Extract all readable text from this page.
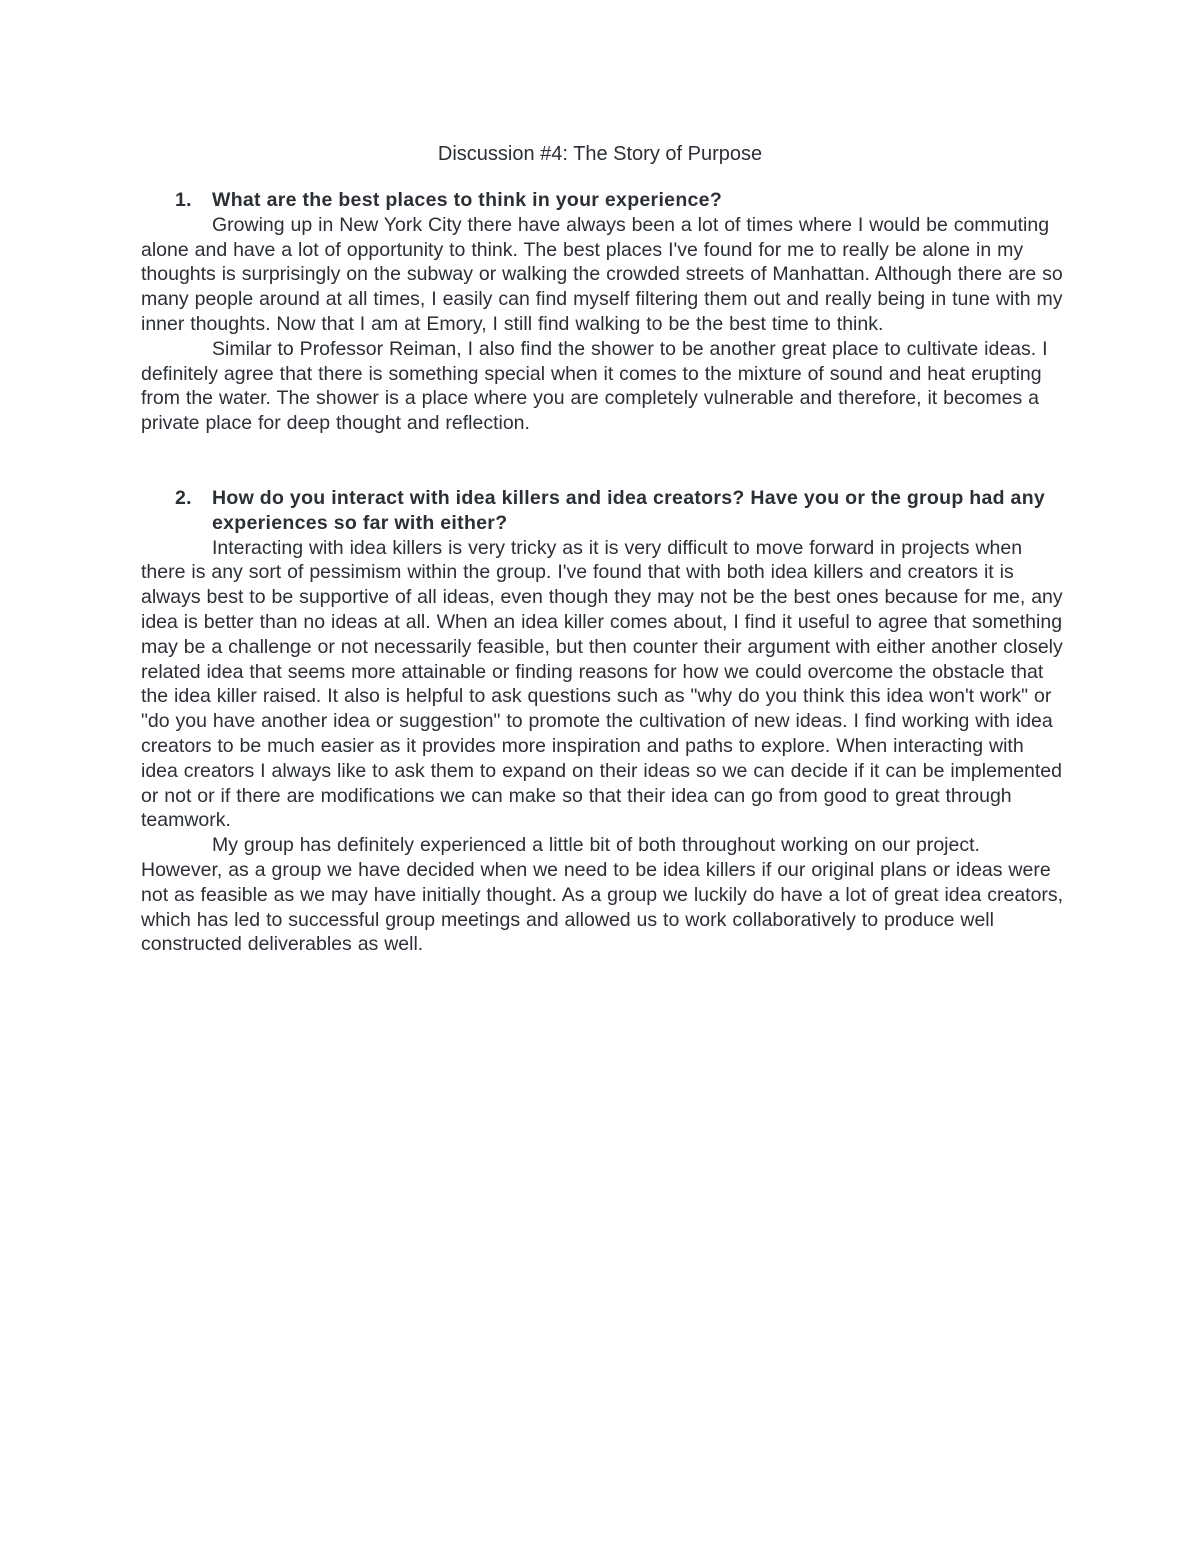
Discussion #4: The Story of Purpose
1. What are the best places to think in your experience?

Growing up in New York City there have always been a lot of times where I would be commuting alone and have a lot of opportunity to think. The best places I've found for me to really be alone in my thoughts is surprisingly on the subway or walking the crowded streets of Manhattan. Although there are so many people around at all times, I easily can find myself filtering them out and really being in tune with my inner thoughts. Now that I am at Emory, I still find walking to be the best time to think.

Similar to Professor Reiman, I also find the shower to be another great place to cultivate ideas. I definitely agree that there is something special when it comes to the mixture of sound and heat erupting from the water. The shower is a place where you are completely vulnerable and therefore, it becomes a private place for deep thought and reflection.

2. How do you interact with idea killers and idea creators? Have you or the group had any experiences so far with either?

Interacting with idea killers is very tricky as it is very difficult to move forward in projects when there is any sort of pessimism within the group. I've found that with both idea killers and creators it is always best to be supportive of all ideas, even though they may not be the best ones because for me, any idea is better than no ideas at all. When an idea killer comes about, I find it useful to agree that something may be a challenge or not necessarily feasible, but then counter their argument with either another closely related idea that seems more attainable or finding reasons for how we could overcome the obstacle that the idea killer raised. It also is helpful to ask questions such as "why do you think this idea won't work" or "do you have another idea or suggestion" to promote the cultivation of new ideas. I find working with idea creators to be much easier as it provides more inspiration and paths to explore. When interacting with idea creators I always like to ask them to expand on their ideas so we can decide if it can be implemented or not or if there are modifications we can make so that their idea can go from good to great through teamwork.

My group has definitely experienced a little bit of both throughout working on our project. However, as a group we have decided when we need to be idea killers if our original plans or ideas were not as feasible as we may have initially thought. As a group we luckily do have a lot of great idea creators, which has led to successful group meetings and allowed us to work collaboratively to produce well constructed deliverables as well.
